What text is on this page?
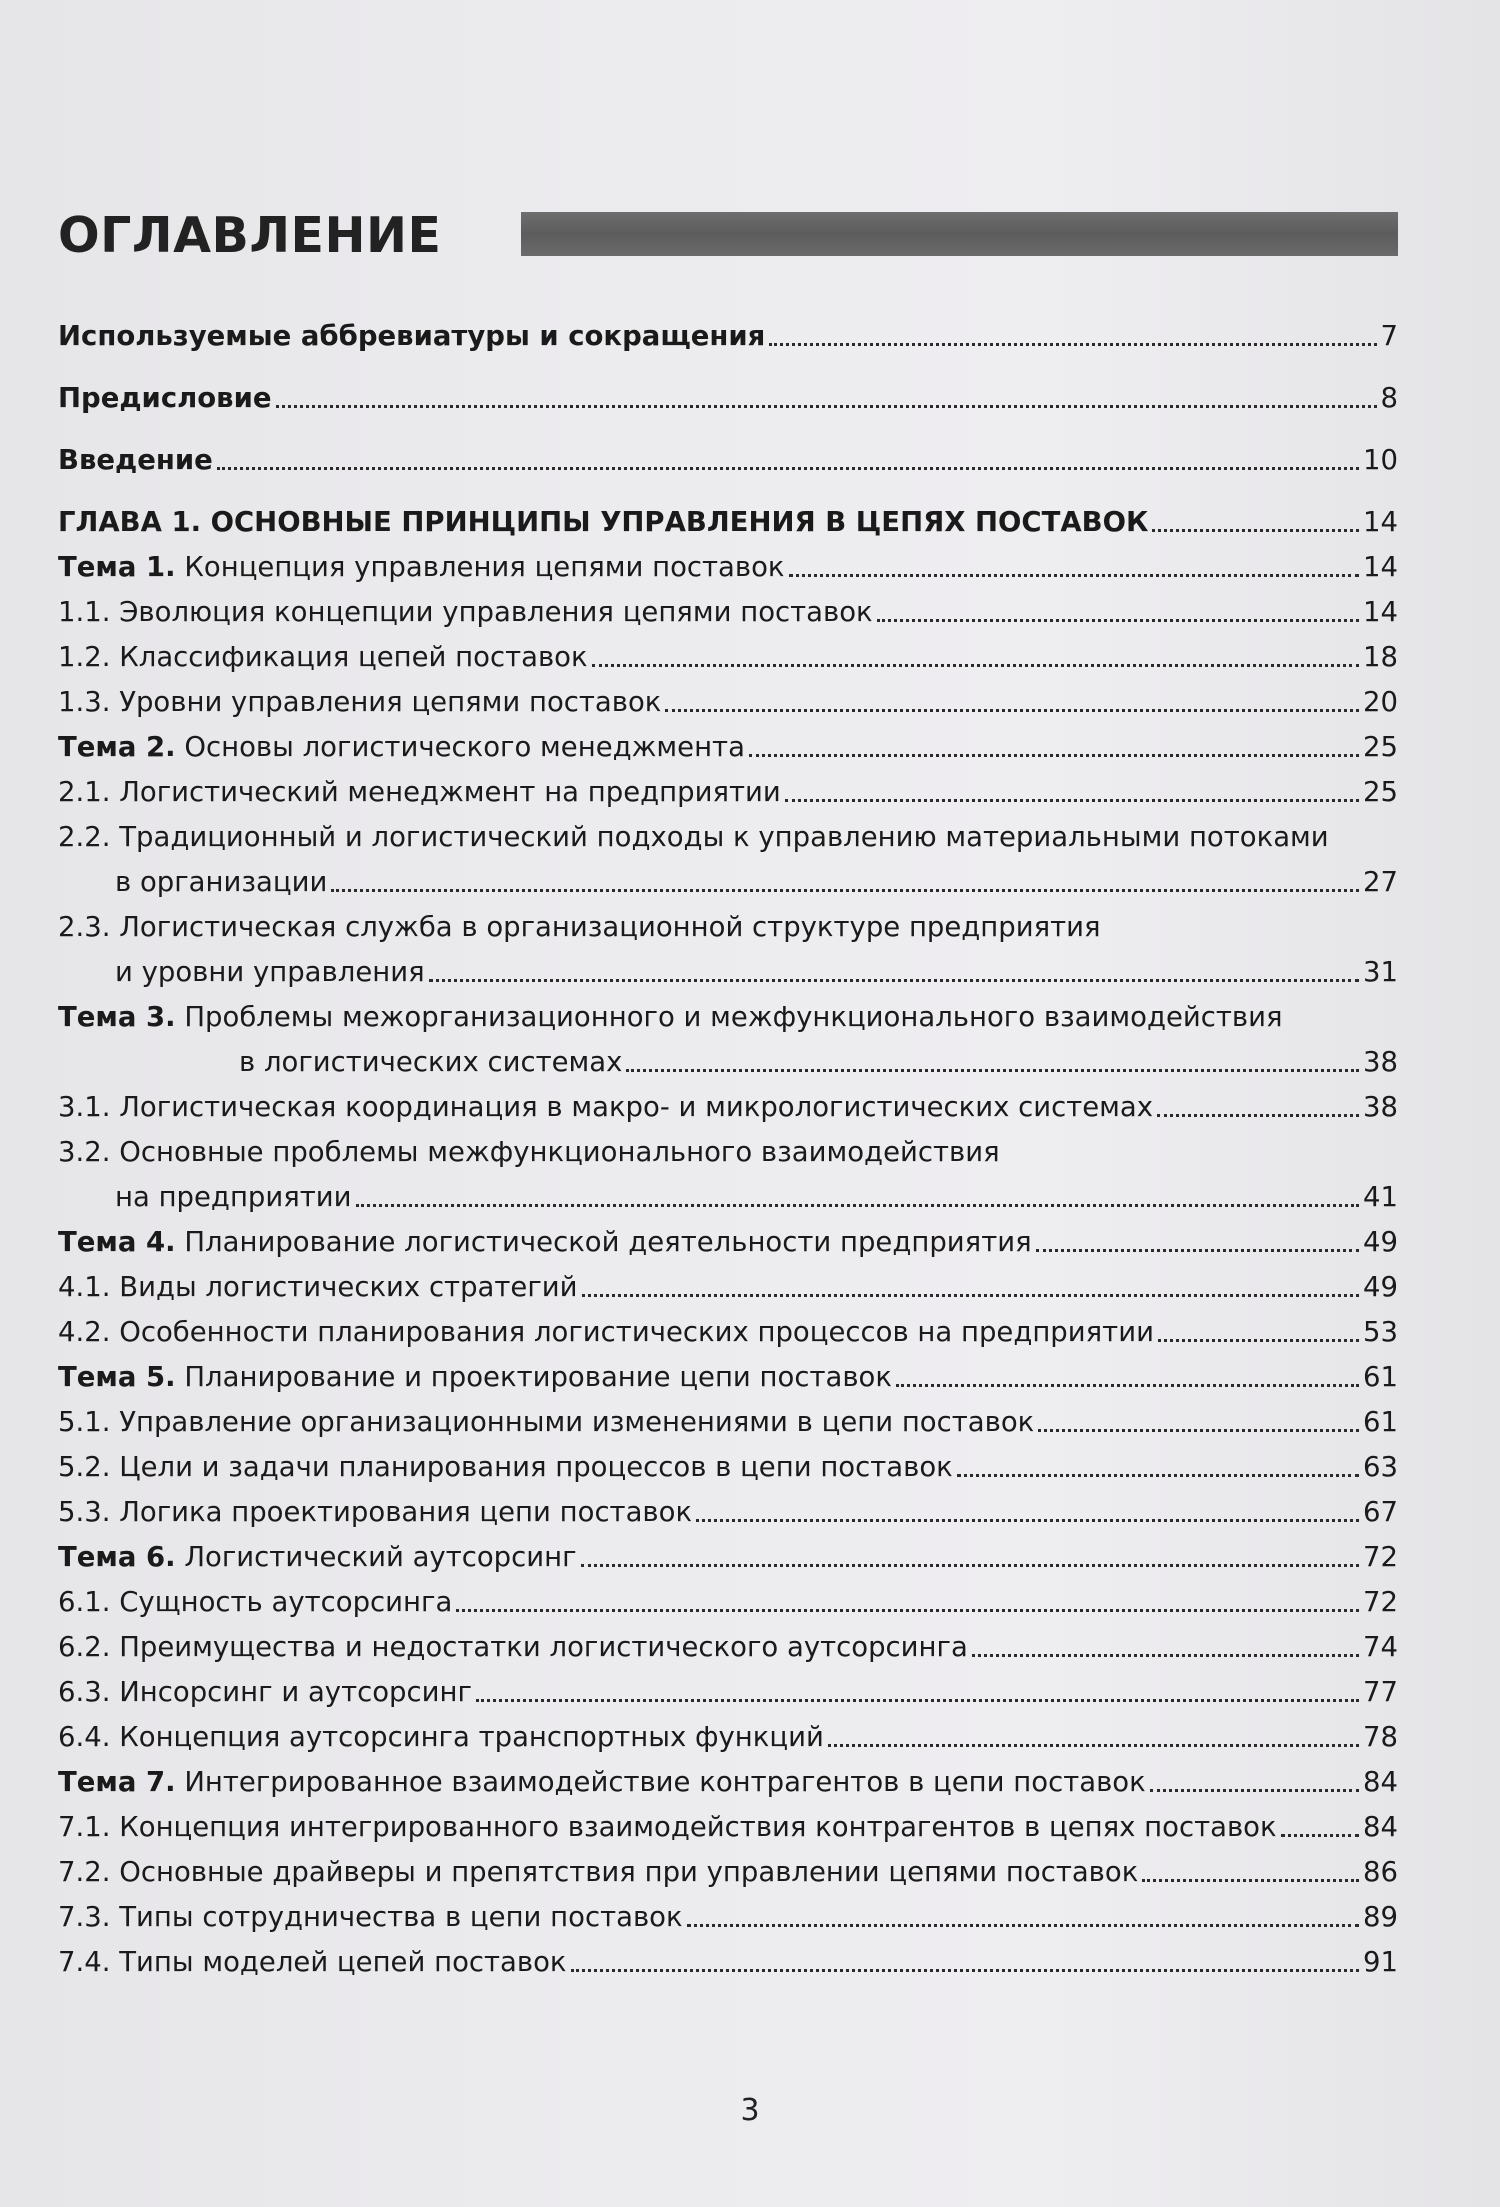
ОГЛАВЛЕНИЕ
Используемые аббревиатуры и сокращения	7
Предисловие	8
Введение	10
ГЛАВА 1. ОСНОВНЫЕ ПРИНЦИПЫ УПРАВЛЕНИЯ В ЦЕПЯХ ПОСТАВОК	14
Тема 1. Концепция управления цепями поставок	14
1.1. Эволюция концепции управления цепями поставок	14
1.2. Классификация цепей поставок	18
1.3. Уровни управления цепями поставок	20
Тема 2. Основы логистического менеджмента	25
2.1. Логистический менеджмент на предприятии	25
2.2. Традиционный и логистический подходы к управлению материальными потоками
в организации	27
2.3. Логистическая служба в организационной структуре предприятия
и уровни управления	31
Тема 3. Проблемы межорганизационного и межфункционального взаимодействия
в логистических системах	38
3.1. Логистическая координация в макро- и микрологистических системах	38
3.2. Основные проблемы межфункционального взаимодействия
на предприятии	41
Тема 4. Планирование логистической деятельности предприятия	49
4.1. Виды логистических стратегий	49
4.2. Особенности планирования логистических процессов на предприятии	53
Тема 5. Планирование и проектирование цепи поставок	61
5.1. Управление организационными изменениями в цепи поставок	61
5.2. Цели и задачи планирования процессов в цепи поставок	63
5.3. Логика проектирования цепи поставок	67
Тема 6. Логистический аутсорсинг	72
6.1. Сущность аутсорсинга	72
6.2. Преимущества и недостатки логистического аутсорсинга	74
6.3. Инсорсинг и аутсорсинг	77
6.4. Концепция аутсорсинга транспортных функций	78
Тема 7. Интегрированное взаимодействие контрагентов в цепи поставок	84
7.1. Концепция интегрированного взаимодействия контрагентов в цепях поставок	84
7.2. Основные драйверы и препятствия при управлении цепями поставок	86
7.3. Типы сотрудничества в цепи поставок	89
7.4. Типы моделей цепей поставок	91
3
